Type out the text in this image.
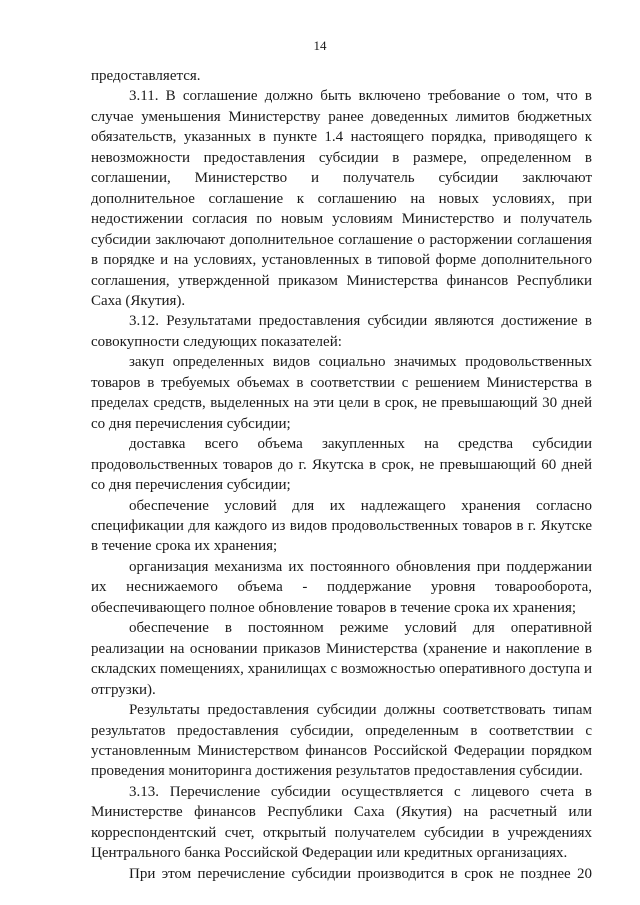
14

предоставляется.

3.11. В соглашение должно быть включено требование о том, что в случае уменьшения Министерству ранее доведенных лимитов бюджетных обязательств, указанных в пункте 1.4 настоящего порядка, приводящего к невозможности предоставления субсидии в размере, определенном в соглашении, Министерство и получатель субсидии заключают дополнительное соглашение к соглашению на новых условиях, при недостижении согласия по новым условиям Министерство и получатель субсидии заключают дополнительное соглашение о расторжении соглашения в порядке и на условиях, установленных в типовой форме дополнительного соглашения, утвержденной приказом Министерства финансов Республики Саха (Якутия).

3.12. Результатами предоставления субсидии являются достижение в совокупности следующих показателей:

закуп определенных видов социально значимых продовольственных товаров в требуемых объемах в соответствии с решением Министерства в пределах средств, выделенных на эти цели в срок, не превышающий 30 дней со дня перечисления субсидии;

доставка всего объема закупленных на средства субсидии продовольственных товаров до г. Якутска в срок, не превышающий 60 дней со дня перечисления субсидии;

обеспечение условий для их надлежащего хранения согласно спецификации для каждого из видов продовольственных товаров в г. Якутске в течение срока их хранения;

организация механизма их постоянного обновления при поддержании их неснижаемого объема - поддержание уровня товарооборота, обеспечивающего полное обновление товаров в течение срока их хранения;

обеспечение в постоянном режиме условий для оперативной реализации на основании приказов Министерства (хранение и накопление в складских помещениях, хранилищах с возможностью оперативного доступа и отгрузки).

Результаты предоставления субсидии должны соответствовать типам результатов предоставления субсидии, определенным в соответствии с установленным Министерством финансов Российской Федерации порядком проведения мониторинга достижения результатов предоставления субсидии.

3.13. Перечисление субсидии осуществляется с лицевого счета в Министерстве финансов Республики Саха (Якутия) на расчетный или корреспондентский счет, открытый получателем субсидии в учреждениях Центрального банка Российской Федерации или кредитных организациях.

При этом перечисление субсидии производится в срок не позднее 20
